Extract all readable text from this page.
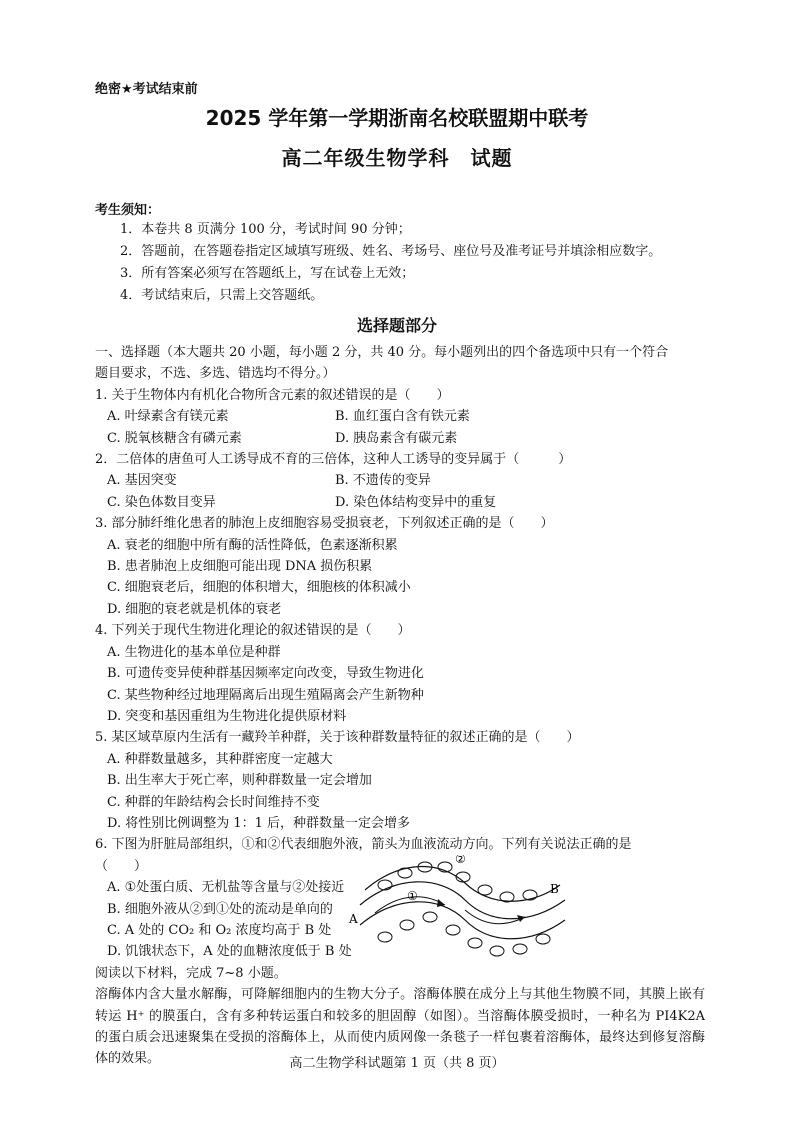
绝密★考试结束前
2025 学年第一学期浙南名校联盟期中联考
高二年级生物学科　试题
考生须知：
1．本卷共 8 页满分 100 分，考试时间 90 分钟；
2．答题前，在答题卷指定区域填写班级、姓名、考场号、座位号及准考证号并填涂相应数字。
3．所有答案必须写在答题纸上，写在试卷上无效；
4．考试结束后，只需上交答题纸。
选择题部分
一、选择题（本大题共 20 小题，每小题 2 分，共 40 分。每小题列出的四个备选项中只有一个符合
题目要求，不选、多选、错选均不得分。）
1. 关于生物体内有机化合物所含元素的叙述错误的是（　　）
A. 叶绿素含有镁元素	B. 血红蛋白含有铁元素
C. 脱氧核糖含有磷元素	D. 胰岛素含有碳元素
2．二倍体的唐鱼可人工诱导成不育的三倍体，这种人工诱导的变异属于（　　　）
A. 基因突变	B. 不遗传的变异
C. 染色体数目变异	D. 染色体结构变异中的重复
3. 部分肺纤维化患者的肺泡上皮细胞容易受损衰老，下列叙述正确的是（　　）
A. 衰老的细胞中所有酶的活性降低，色素逐渐积累
B. 患者肺泡上皮细胞可能出现 DNA 损伤积累
C. 细胞衰老后，细胞的体积增大，细胞核的体积减小
D. 细胞的衰老就是机体的衰老
4. 下列关于现代生物进化理论的叙述错误的是（　　）
A. 生物进化的基本单位是种群
B. 可遗传变异使种群基因频率定向改变，导致生物进化
C. 某些物种经过地理隔离后出现生殖隔离会产生新物种
D. 突变和基因重组为生物进化提供原材料
5. 某区域草原内生活有一藏羚羊种群，关于该种群数量特征的叙述正确的是（　　）
A. 种群数量越多，其种群密度一定越大
B. 出生率大于死亡率，则种群数量一定会增加
C. 种群的年龄结构会长时间维持不变
D. 将性别比例调整为 1：1 后，种群数量一定会增多
6. 下图为肝脏局部组织，①和②代表细胞外液，箭头为血液流动方向。下列有关说法正确的是
（　　）
A. ①处蛋白质、无机盐等含量与②处接近
B. 细胞外液从②到①处的流动是单向的
C. A 处的 CO₂ 和 O₂ 浓度均高于 B 处
D. 饥饿状态下，A 处的血糖浓度低于 B 处
阅读以下材料，完成 7~8 小题。
溶酶体内含大量水解酶，可降解细胞内的生物大分子。溶酶体膜在成分上与其他生物膜不同，其膜上嵌有转运 H⁺ 的膜蛋白，含有多种转运蛋白和较多的胆固醇（如图）。当溶酶体膜受损时，一种名为 PI4K2A 的蛋白质会迅速聚集在受损的溶酶体上，从而使内质网像一条毯子一样包裹着溶酶体，最终达到修复溶酶体的效果。
A
B
①
②
高二生物学科试题第 1 页（共 8 页）
